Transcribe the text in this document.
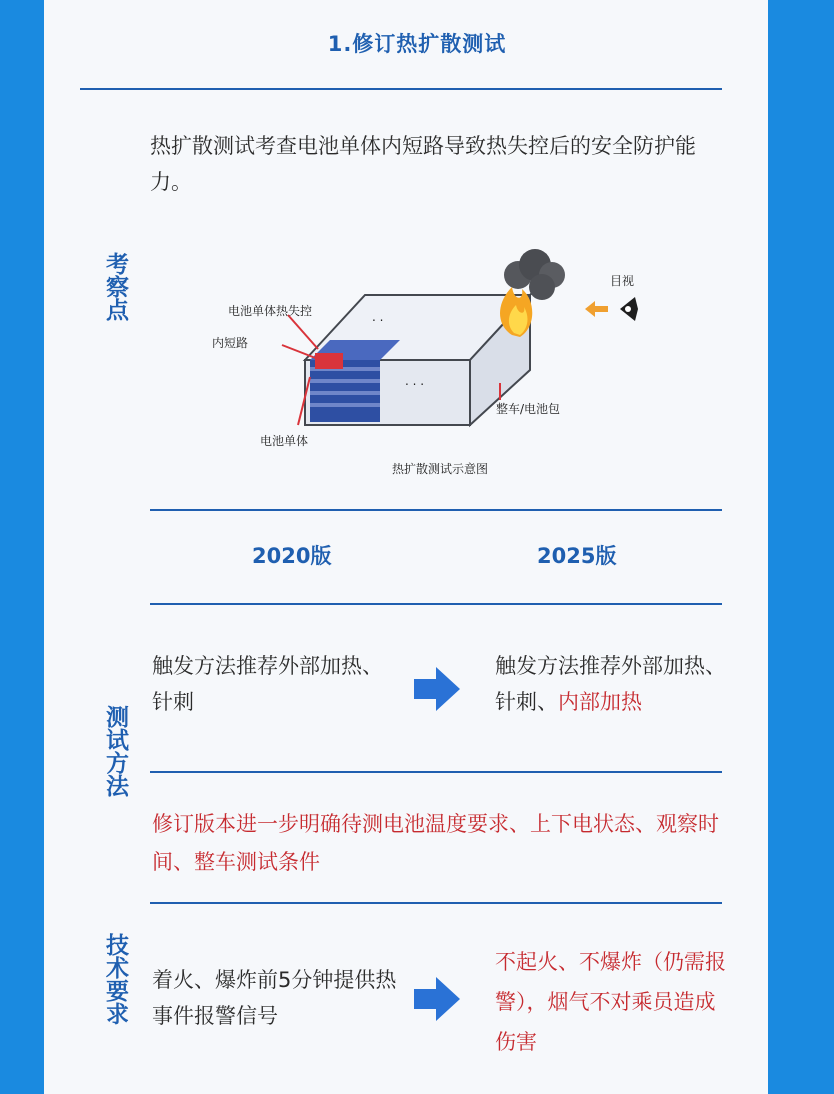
1.修订热扩散测试
考察点
热扩散测试考查电池单体内短路导致热失控后的安全防护能力。
. . .
. .
电池单体热失控
内短路
电池单体
整车/电池包
目视
热扩散测试示意图
2020版	2025版
测试方法
触发方法推荐外部加热、针刺
触发方法推荐外部加热、针刺、内部加热
修订版本进一步明确待测电池温度要求、上下电状态、观察时间、整车测试条件
技术要求 着火、爆炸前5分钟提供热事件报警信号
不起火、不爆炸（仍需报警），烟气不对乘员造成伤害
